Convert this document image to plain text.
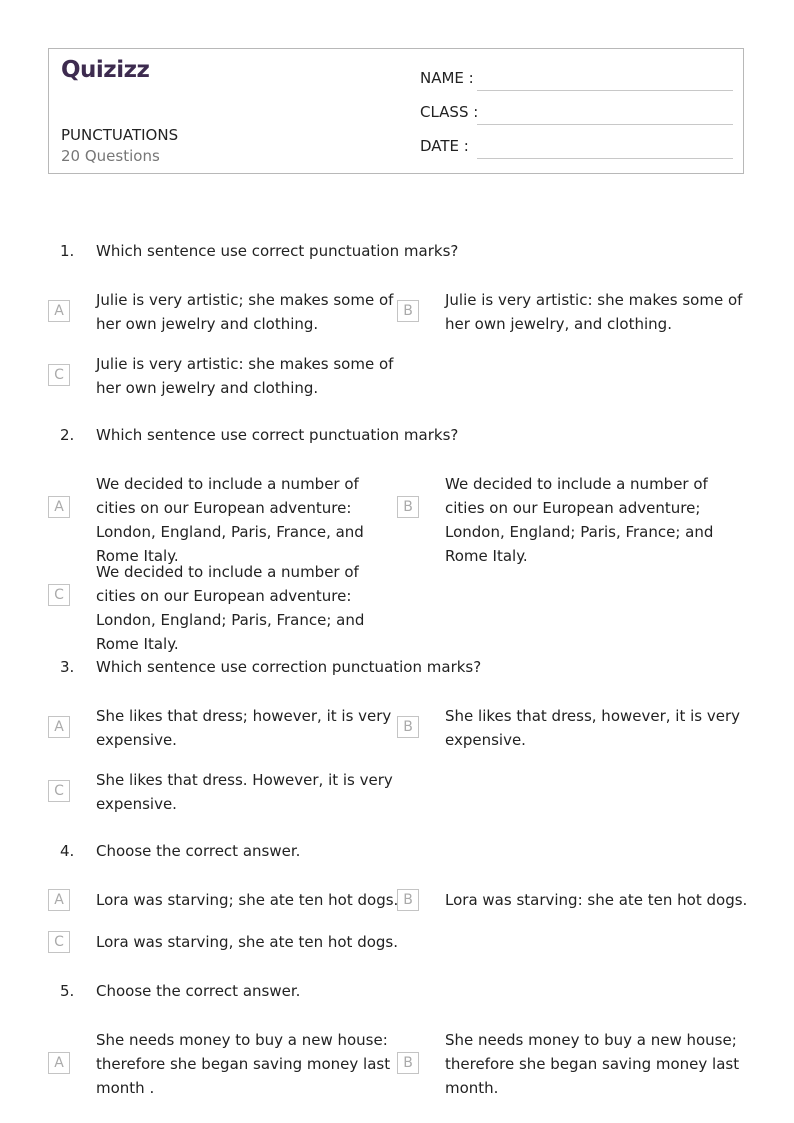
Quizizz
PUNCTUATIONS
20 Questions
NAME :
CLASS :
DATE :
1. Which sentence use correct punctuation marks?
A
Julie is very artistic; she makes some of her own jewelry and clothing.
B
Julie is very artistic: she makes some of her own jewelry, and clothing.
C
Julie is very artistic: she makes some of her own jewelry and clothing.
2. Which sentence use correct punctuation marks?
A
We decided to include a number of cities on our European adventure: London, England, Paris, France, and Rome Italy.
B
We decided to include a number of cities on our European adventure; London, England; Paris, France; and Rome Italy.
C
We decided to include a number of cities on our European adventure: London, England; Paris, France; and Rome Italy.
3. Which sentence use correction punctuation marks?
A
She likes that dress; however, it is very expensive.
B
She likes that dress, however, it is very expensive.
C
She likes that dress. However, it is very expensive.
4. Choose the correct answer.
A	Lora was starving; she ate ten hot dogs. B	Lora was starving: she ate ten hot dogs.
C	Lora was starving, she ate ten hot dogs.
5. Choose the correct answer.
A
She needs money to buy a new house: therefore she began saving money last month .
B
She needs money to buy a new house; therefore she began saving money last month.
